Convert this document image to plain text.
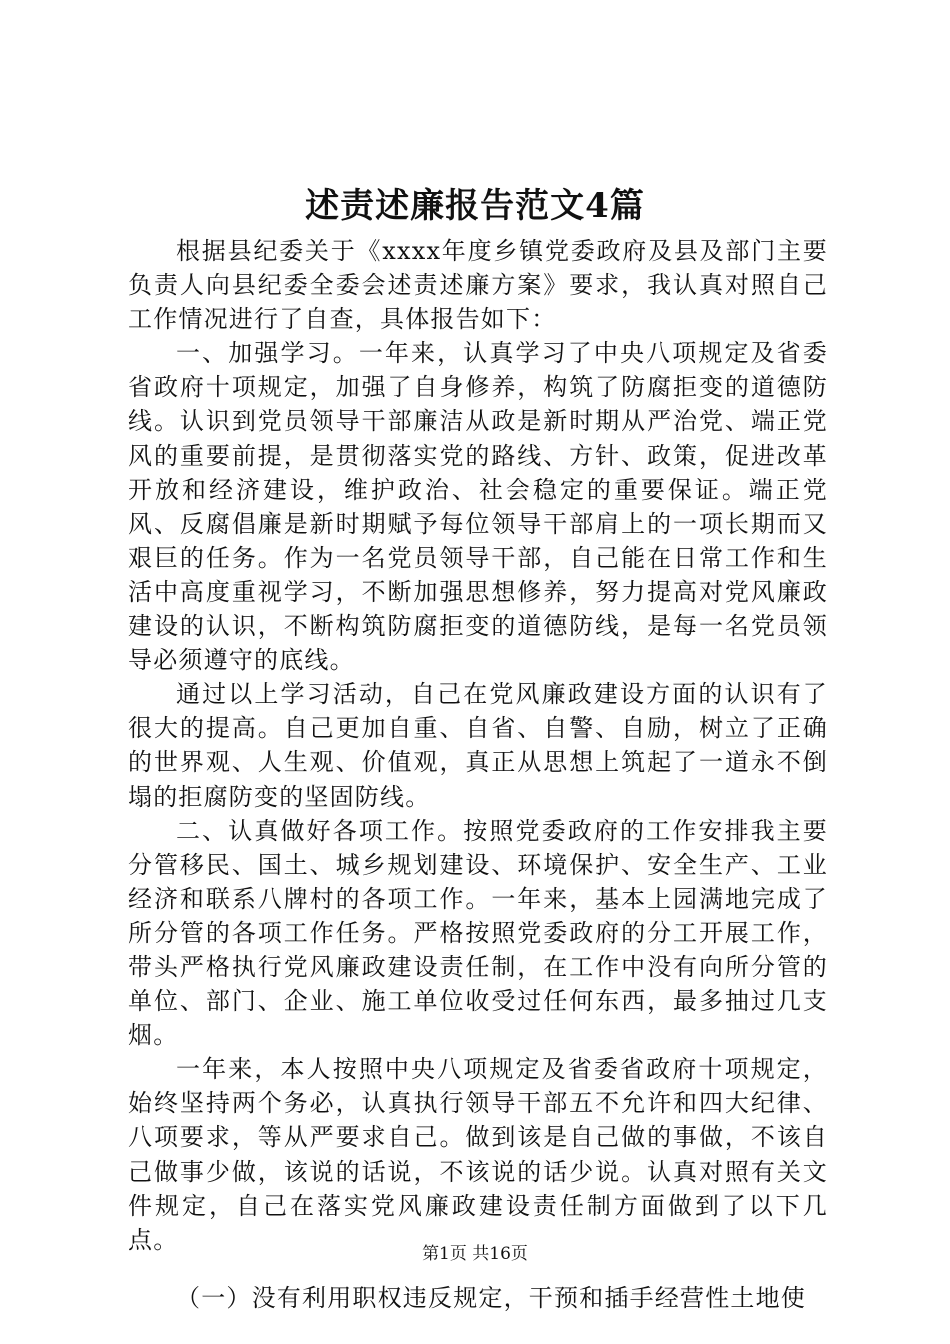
述责述廉报告范文4篇

根据县纪委关于《xxxx年度乡镇党委政府及县及部门主要负责人向县纪委全委会述责述廉方案》要求，我认真对照自己工作情况进行了自查，具体报告如下：

一、加强学习。一年来，认真学习了中央八项规定及省委省政府十项规定，加强了自身修养，构筑了防腐拒变的道德防线。认识到党员领导干部廉洁从政是新时期从严治党、端正党风的重要前提，是贯彻落实党的路线、方针、政策，促进改革开放和经济建设，维护政治、社会稳定的重要保证。端正党风、反腐倡廉是新时期赋予每位领导干部肩上的一项长期而又艰巨的任务。作为一名党员领导干部，自己能在日常工作和生活中高度重视学习，不断加强思想修养，努力提高对党风廉政建设的认识，不断构筑防腐拒变的道德防线，是每一名党员领导必须遵守的底线。

通过以上学习活动，自己在党风廉政建设方面的认识有了很大的提高。自己更加自重、自省、自警、自励，树立了正确的世界观、人生观、价值观，真正从思想上筑起了一道永不倒塌的拒腐防变的坚固防线。

二、认真做好各项工作。按照党委政府的工作安排我主要分管移民、国土、城乡规划建设、环境保护、安全生产、工业经济和联系八牌村的各项工作。一年来，基本上园满地完成了所分管的各项工作任务。严格按照党委政府的分工开展工作，带头严格执行党风廉政建设责任制，在工作中没有向所分管的单位、部门、企业、施工单位收受过任何东西，最多抽过几支烟。

一年来，本人按照中央八项规定及省委省政府十项规定，始终坚持两个务必，认真执行领导干部五不允许和四大纪律、八项要求，等从严要求自己。做到该是自己做的事做，不该自己做事少做，该说的话说，不该说的话少说。认真对照有关文件规定，自己在落实党风廉政建设责任制方面做到了以下几点。

（一）没有利用职权违反规定，干预和插手经营性土地使

第1页 共16页
